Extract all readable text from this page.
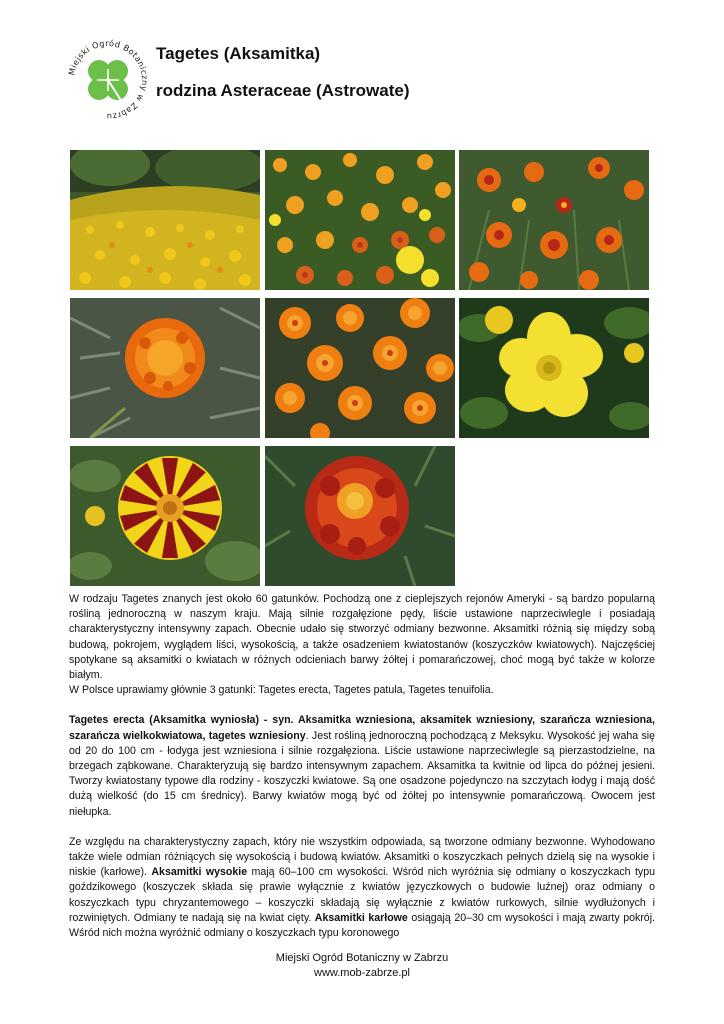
Miejski Ogród Botaniczny w Zabrzu
Tagetes (Aksamitka)
rodzina Asteraceae (Astrowate)

W rodzaju Tagetes znanych jest około 60 gatunków. Pochodzą one z cieplejszych rejonów Ameryki - są bardzo popularną rośliną jednoroczną w naszym kraju. Mają silnie rozgałęzione pędy, liście ustawione naprzeciwlegle i posiadają charakterystyczny intensywny zapach. Obecnie udało się stworzyć odmiany bezwonne. Aksamitki różnią się między sobą budową, pokrojem, wyglądem liści, wysokością, a także osadzeniem kwiatostanów (koszyczków kwiatowych). Najczęściej spotykane są aksamitki o kwiatach w różnych odcieniach barwy żółtej i pomarańczowej, choć mogą być także w kolorze białym.

W Polsce uprawiamy głównie 3 gatunki: Tagetes erecta, Tagetes patula, Tagetes tenuifolia.

Tagetes erecta (Aksamitka wyniosła) - syn. Aksamitka wzniesiona, aksamitek wzniesiony, szarańcza wzniesiona, szarańcza wielkokwiatowa, tagetes wzniesiony. Jest rośliną jednoroczną pochodzącą z Meksyku. Wysokość jej waha się od 20 do 100 cm - łodyga jest wzniesiona i silnie rozgałęziona. Liście ustawione naprzeciwlegle są pierzastodzielne, na brzegach ząbkowane. Charakteryzują się bardzo intensywnym zapachem. Aksamitka ta kwitnie od lipca do późnej jesieni. Tworzy kwiatostany typowe dla rodziny - koszyczki kwiatowe. Są one osadzone pojedynczo na szczytach łodyg i mają dość dużą wielkość (do 15 cm średnicy). Barwy kwiatów mogą być od żółtej po intensywnie pomarańczową. Owocem jest niełupka.

Ze względu na charakterystyczny zapach, który nie wszystkim odpowiada, są tworzone odmiany bezwonne. Wyhodowano także wiele odmian różniących się wysokością i budową kwiatów. Aksamitki o koszyczkach pełnych dzielą się na wysokie i niskie (karłowe). Aksamitki wysokie mają 60–100 cm wysokości. Wśród nich wyróżnia się odmiany o koszyczkach typu goździkowego (koszyczek składa się prawie wyłącznie z kwiatów języczkowych o budowie luźnej) oraz odmiany o koszyczkach typu chryzantemowego – koszyczki składają się wyłącznie z kwiatów rurkowych, silnie wydłużonych i rozwiniętych. Odmiany te nadają się na kwiat cięty. Aksamitki karłowe osiągają 20–30 cm wysokości i mają zwarty pokrój. Wśród nich można wyróżnić odmiany o koszyczkach typu koronowego

Miejski Ogród Botaniczny w Zabrzu
www.mob-zabrze.pl
